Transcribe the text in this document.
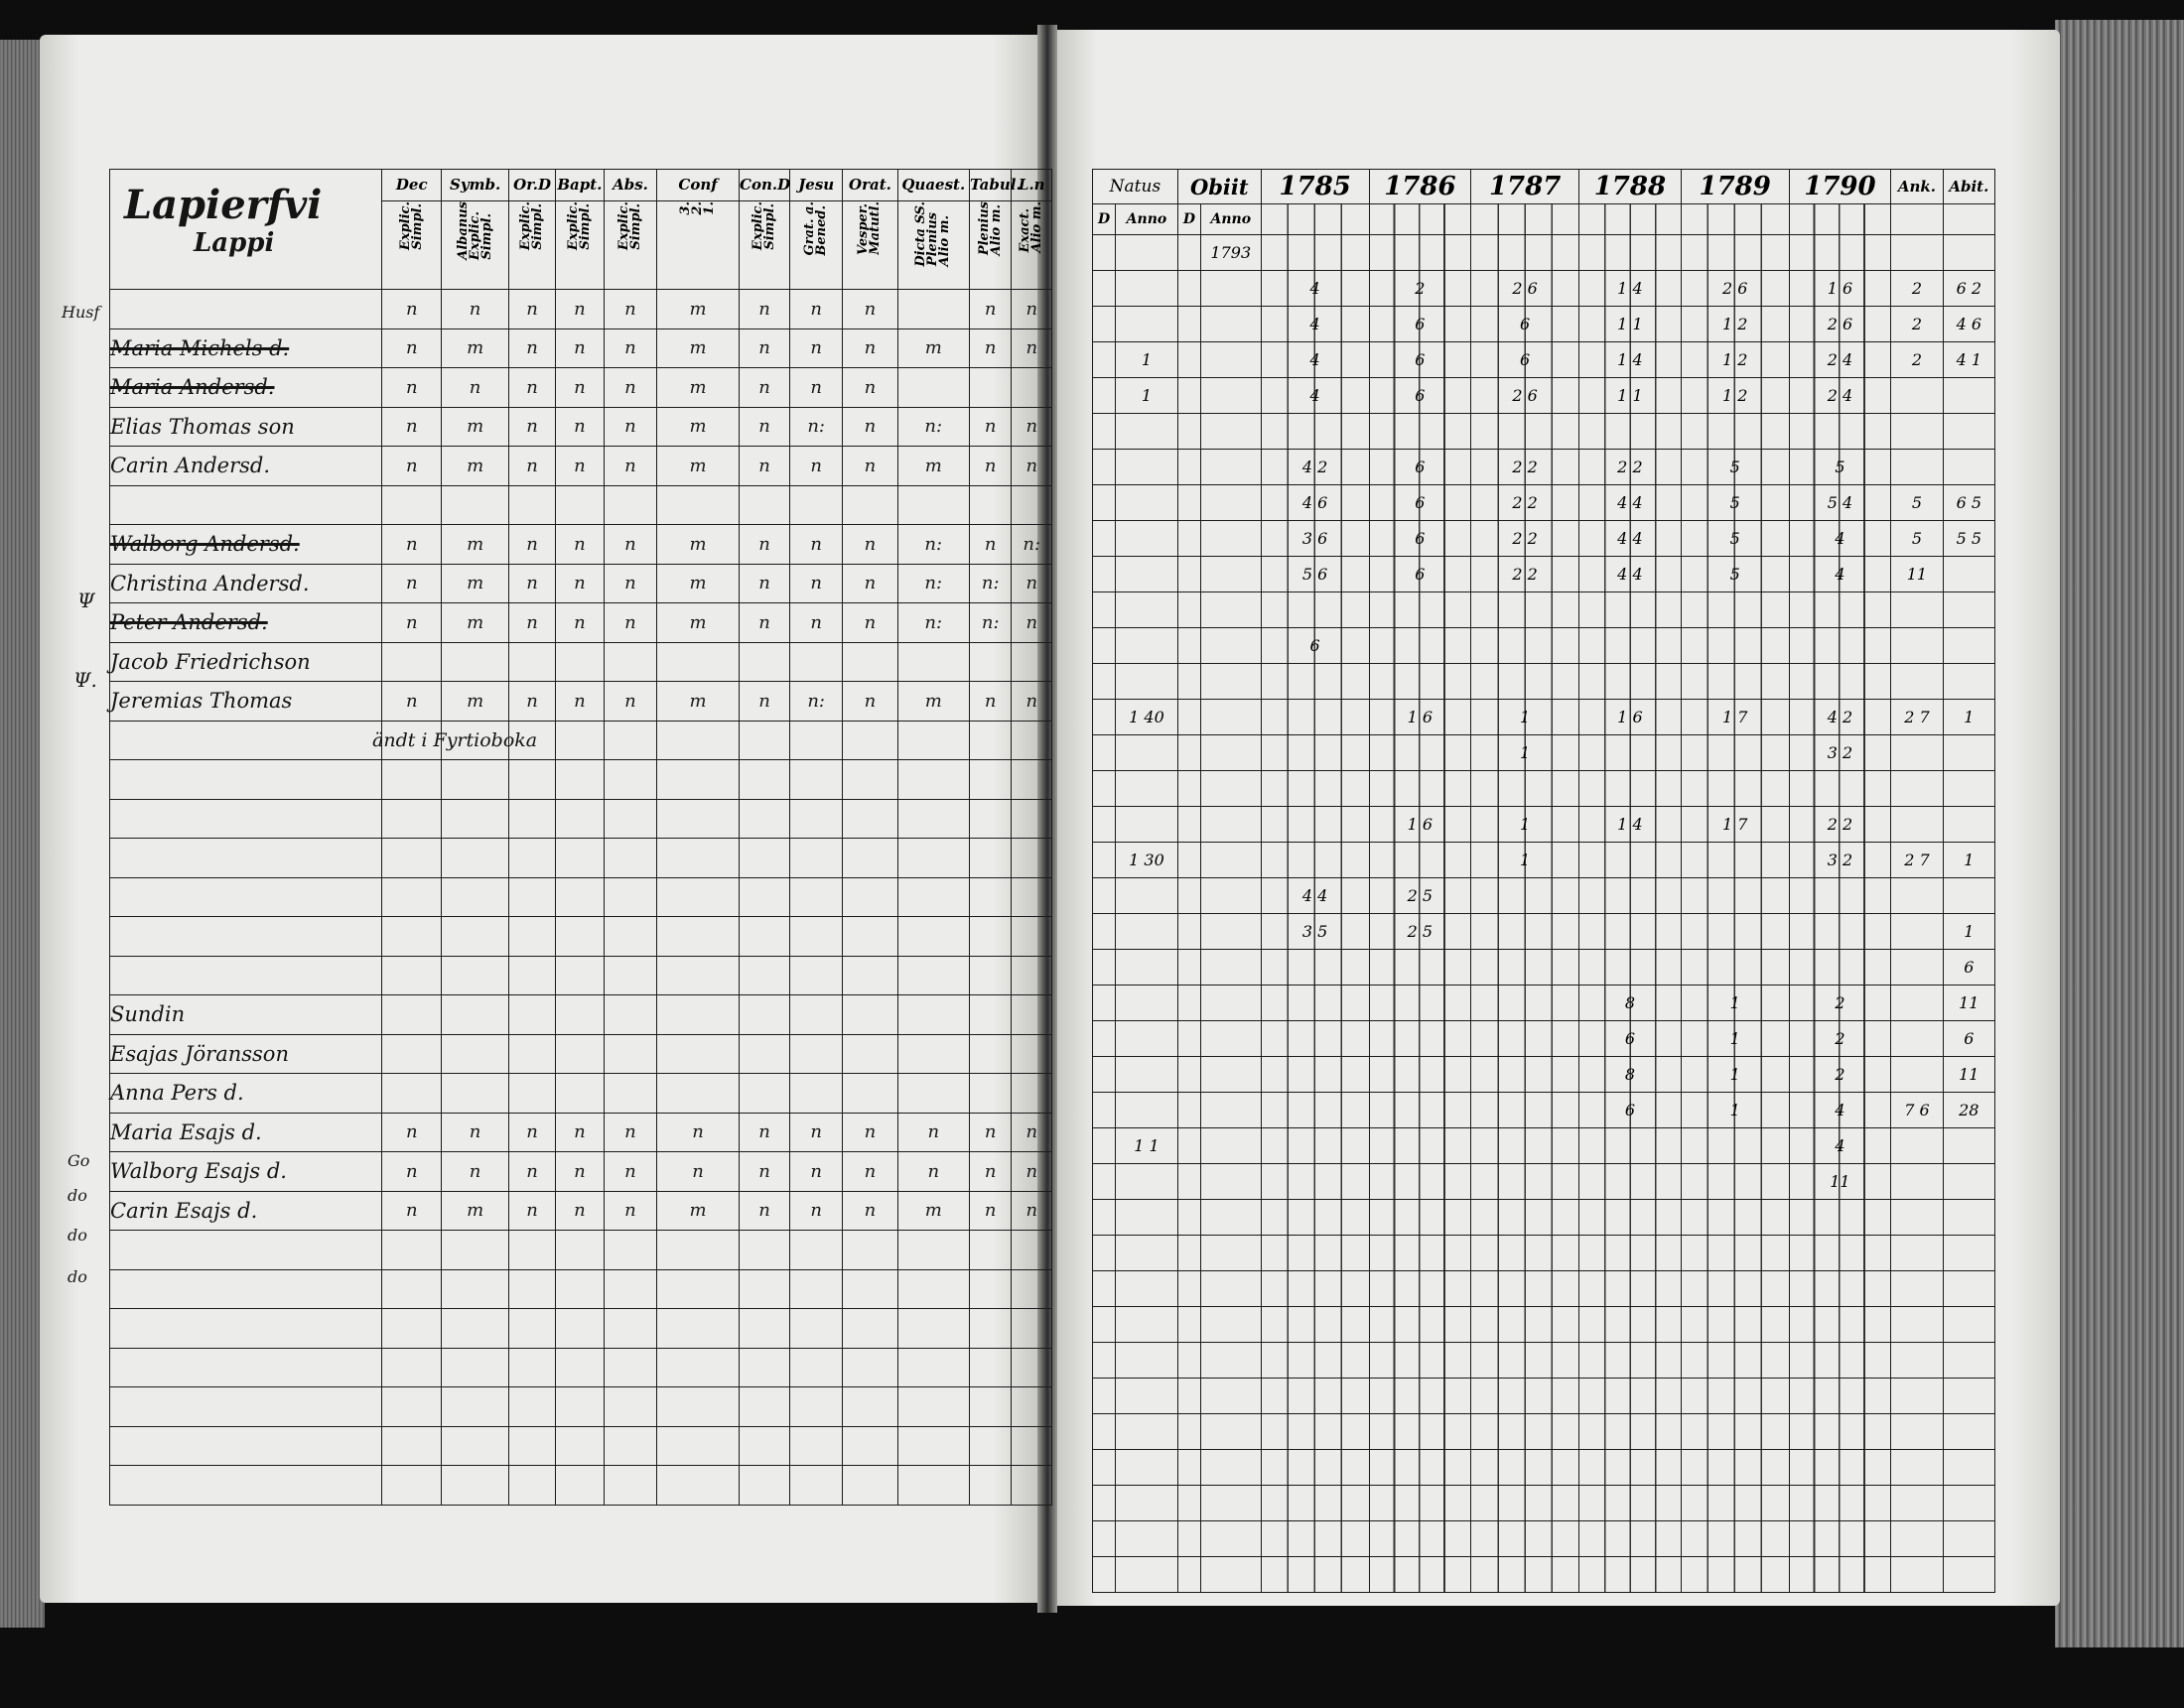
Husf
Ψ
Ψ.
Go
do
do
do
Lapierfvi
Lappi	Dec	Symb.	Or.D	Bapt.	Abs.	Conf	Con.D	Jesu	Orat.	Quaest.	Tabul.	L.n
	Explic.Simpl.	AlbanusExplic.Simpl.	Explic.Simpl.	Explic.Simpl.	Explic.Simpl.	3.2.1.	Explic.Simpl.	Grat. a.Bened.	Vesper.Matutl.	Dicta SS.PleniusAlio m.	PleniusAlio m.	Exact.Alio m.
	n	n	n	n	n	m	n	n	n		n	n
Maria Michels d.	n	m	n	n	n	m	n	n	n	m	n	n
Maria Andersd.	n	n	n	n	n	m	n	n	n			
Elias Thomas son	n	m	n	n	n	m	n	n:	n	n:	n	n
Carin Andersd.	n	m	n	n	n	m	n	n	n	m	n	n

Walborg Andersd.	n	m	n	n	n	m	n	n	n	n:	n	n:
Christina Andersd.	n	m	n	n	n	m	n	n	n	n:	n:	n
Peter Andersd.	n	m	n	n	n	m	n	n	n	n:	n:	n
Jacob Friedrichson												
Jeremias Thomas	n	m	n	n	n	m	n	n:	n	m	n	n

Sundin												
Esajas Jöransson												
Anna Pers d.												
Maria Esajs d.	n	n	n	n	n	n	n	n	n	n	n	n
Walborg Esajs d.	n	n	n	n	n	n	n	n	n	n	n	n
Carin Esajs d.	n	m	n	n	n	m	n	n	n	m	n	n

ändt i Fyrtioboka
Natus		Obiit		1785	1786	1787	1788	1789	1790	Ank.	Abit.
D	Anno	D	Anno								
			1793								
				4	2	2 6	1 4	2 6	1 6	2	6 2
				4	6	6	1 1	1 2	2 6	2	4 6
	1			4	6	6	1 4	1 2	2 4	2	4 1
	1			4	6	2 6	1 1	1 2	2 4		

				4 2	6	2 2	2 2	5	5		
				4 6	6	2 2	4 4	5	5 4	5	6 5
				3 6	6	2 2	4 4	5	4	5	5 5
				5 6	6	2 2	4 4	5	4	11	

				6							

	1 40				1 6	1	1 6	1 7	4 2	2 7	1
						1			3 2		

					1 6	1	1 4	1 7	2 2		
	1 30					1			3 2	2 7	1
				4 4	2 5						
				3 5	2 5						1
											6
							8	1	2		11
							6	1	2		6
							8	1	2		11
							6	1	4	7 6	28
	1 1								4		
									11		
